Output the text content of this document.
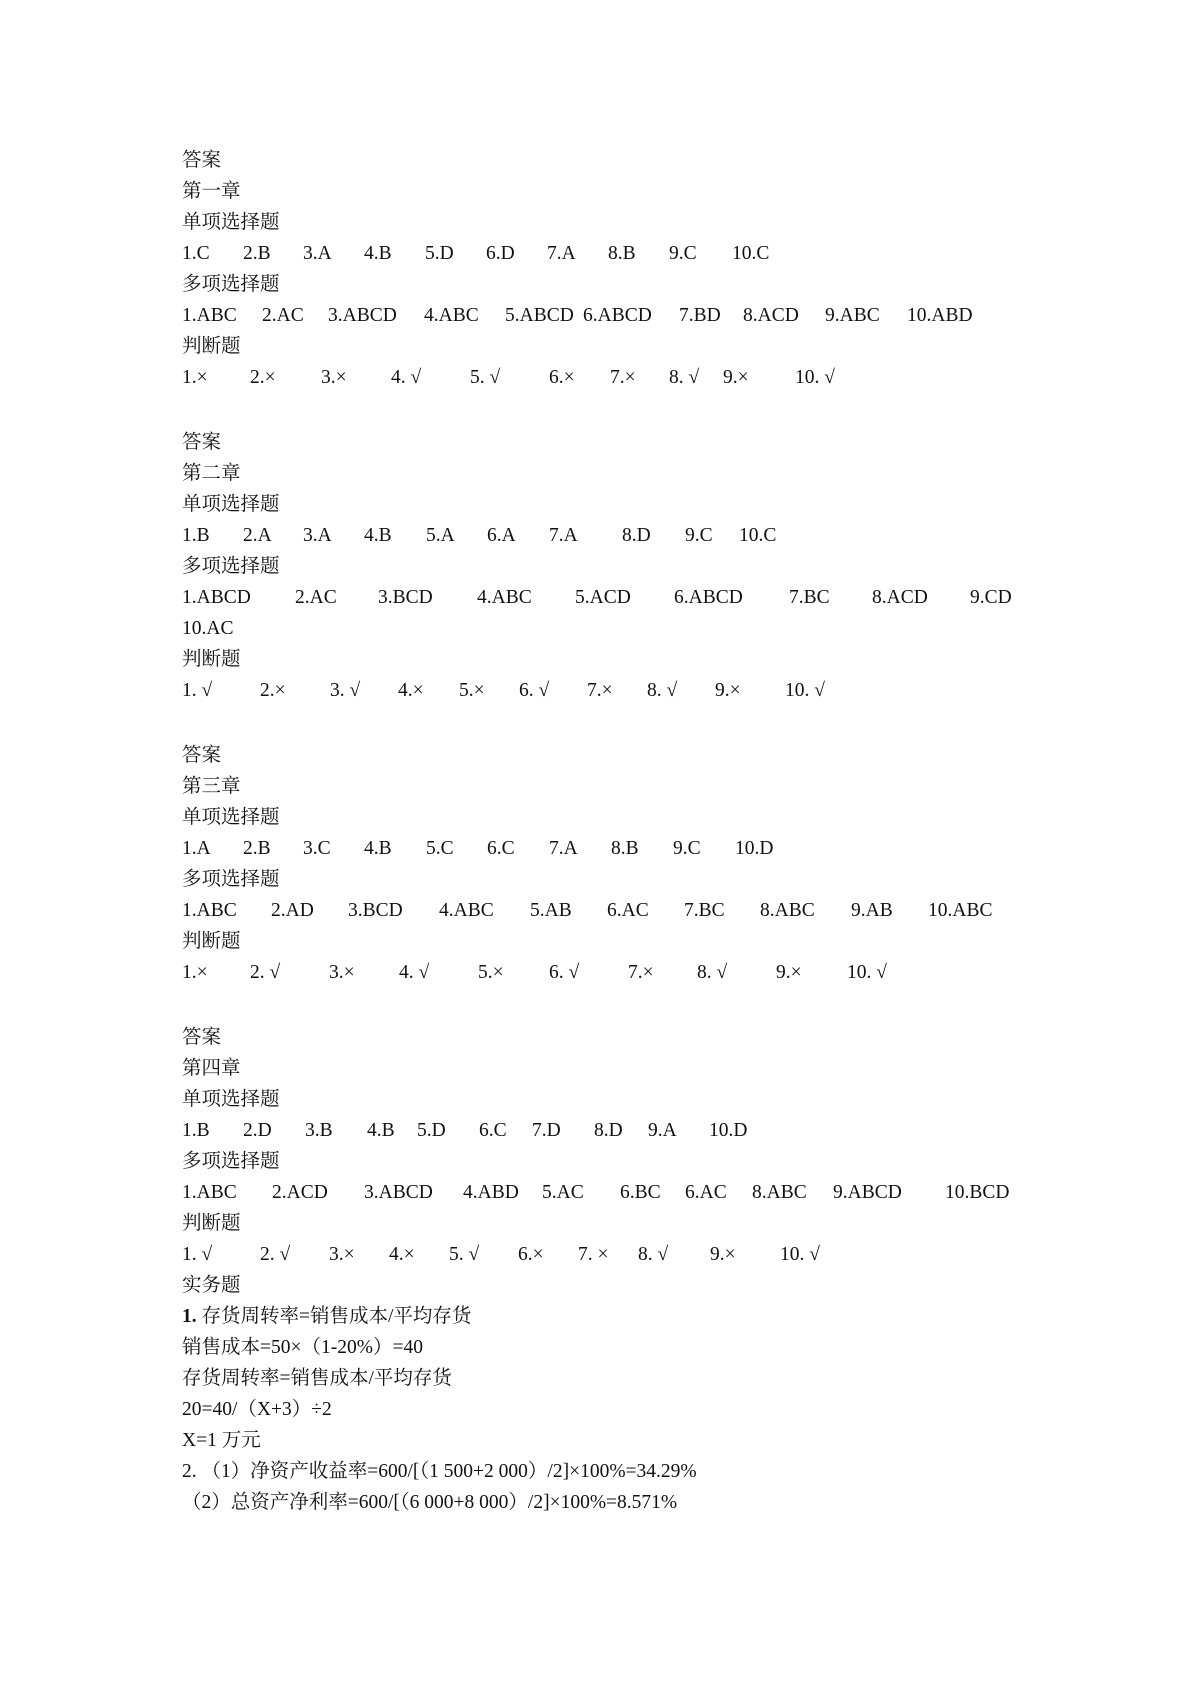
答案
第一章
单项选择题
1.C 2.B 3.A 4.B 5.D 6.D 7.A 8.B 9.C 10.C
多项选择题
1.ABC 2.AC 3.ABCD 4.ABC 5.ABCD 6.ABCD 7.BD 8.ACD 9.ABC 10.ABD
判断题
1.× 2.× 3.× 4. √	5. √	6.× 7.× 8. √ 9.× 10. √
答案
第二章
单项选择题
1.B 2.A 3.A 4.B 5.A 6.A 7.A 8.D 9.C 10.C
多项选择题
1.ABCD 2.AC 3.BCD 4.ABC 5.ACD 6.ABCD 7.BC 8.ACD 9.CD
10.AC
判断题
1. √ 2.× 3. √ 4.× 5.× 6. √ 7.× 8. √ 9.× 10. √
答案
第三章
单项选择题
1.A 2.B 3.C 4.B 5.C 6.C 7.A 8.B 9.C 10.D
多项选择题
1.ABC 2.AD 3.BCD 4.ABC 5.AB 6.AC 7.BC 8.ABC 9.AB 10.ABC
判断题
1.× 2. √	3.× 4. √	5.× 6. √	7.× 8. √	9.× 10. √
答案
第四章
单项选择题
1.B 2.D 3.B 4.B 5.D 6.C 7.D 8.D 9.A 10.D
多项选择题
1.ABC 2.ACD 3.ABCD 4.ABD 5.AC 6.BC 6.AC 8.ABC 9.ABCD 10.BCD
判断题
1. √ 2. √ 3.× 4.× 5. √ 6.× 7. × 8. √ 9.× 10. √
实务题
1. 存货周转率=销售成本/平均存货
销售成本=50×（1-20%）=40
存货周转率=销售成本/平均存货
20=40/（X+3）÷2
X=1 万元
2. （1）净资产收益率=600/[（1 500+2 000）/2]×100%=34.29%
（2）总资产净利率=600/[（6 000+8 000）/2]×100%=8.571%
